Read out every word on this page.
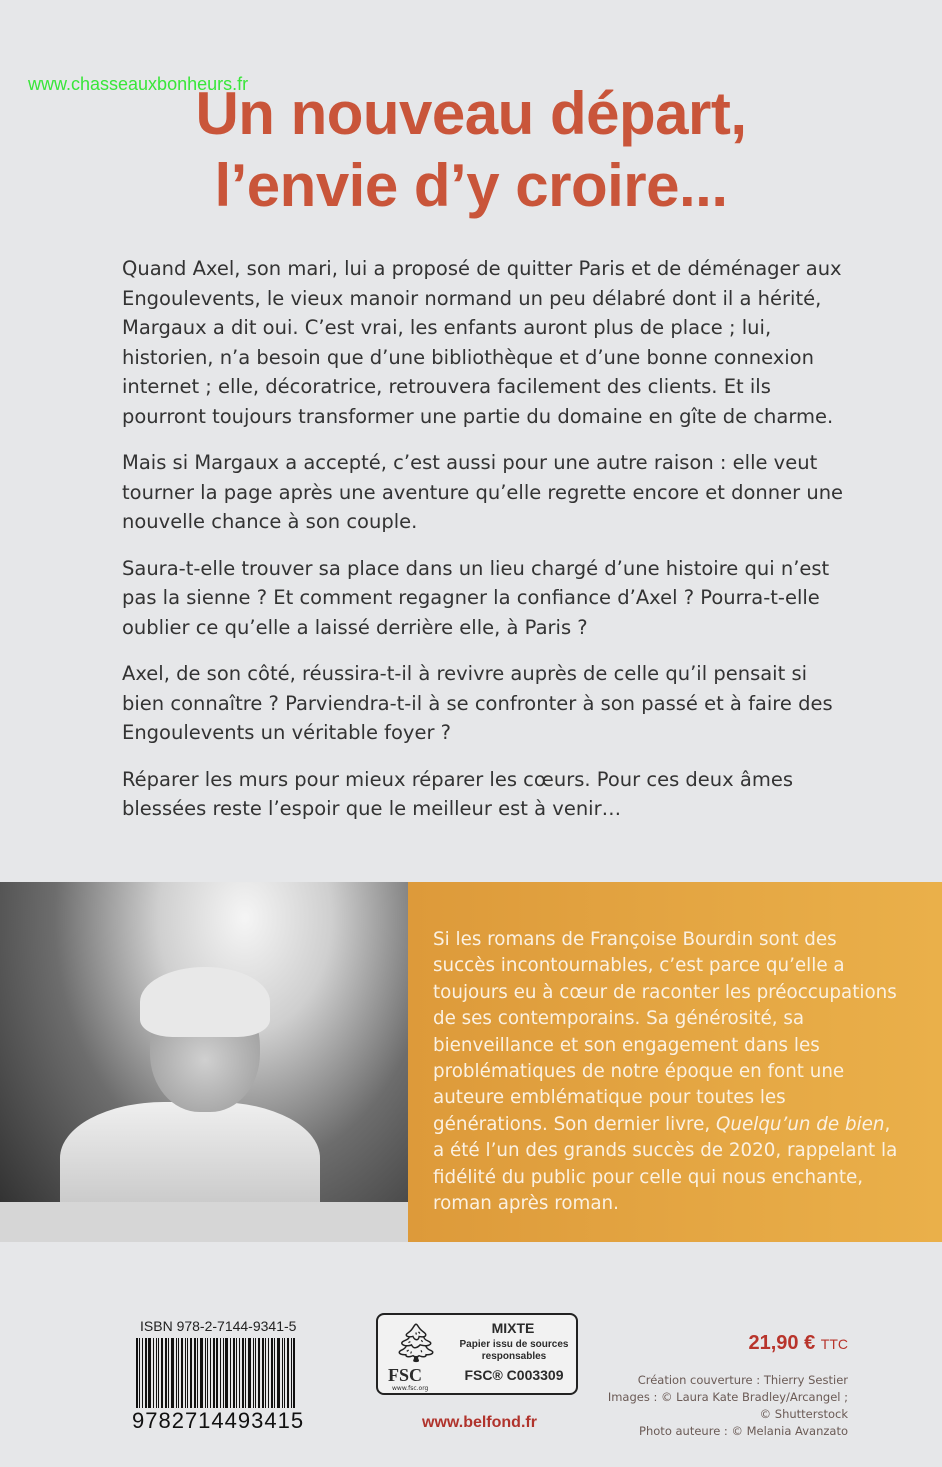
www.chasseauxbonheurs.fr
Un nouveau départ,
l’envie d’y croire...

Quand Axel, son mari, lui a proposé de quitter Paris et de déménager aux Engoulevents, le vieux manoir normand un peu délabré dont il a hérité, Margaux a dit oui. C’est vrai, les enfants auront plus de place ; lui, historien, n’a besoin que d’une bibliothèque et d’une bonne connexion internet ; elle, décoratrice, retrouvera facilement des clients. Et ils pourront toujours transformer une partie du domaine en gîte de charme.

Mais si Margaux a accepté, c’est aussi pour une autre raison : elle veut tourner la page après une aventure qu’elle regrette encore et donner une nouvelle chance à son couple.

Saura-t-elle trouver sa place dans un lieu chargé d’une histoire qui n’est pas la sienne ? Et comment regagner la confiance d’Axel ? Pourra-t-elle oublier ce qu’elle a laissé derrière elle, à Paris ?

Axel, de son côté, réussira-t-il à revivre auprès de celle qu’il pensait si bien connaître ? Parviendra-t-il à se confronter à son passé et à faire des Engoulevents un véritable foyer ?

Réparer les murs pour mieux réparer les cœurs. Pour ces deux âmes blessées reste l’espoir que le meilleur est à venir…

Si les romans de Françoise Bourdin sont des succès incontournables, c’est parce qu’elle a toujours eu à cœur de raconter les préoccupations de ses contemporains. Sa générosité, sa bienveillance et son engagement dans les problématiques de notre époque en font une auteure emblématique pour toutes les générations. Son dernier livre, Quelqu’un de bien, a été l’un des grands succès de 2020, rappelant la fidélité du public pour celle qui nous enchante, roman après roman.
ISBN 978-2-7144-9341-5
9782714493415
🌲︎
FSC
www.fsc.org
MIXTE
Papier issu de sources responsables
FSC® C003309
www.belfond.fr
21,90 € TTC
Création couverture : Thierry Sestier
Images : © Laura Kate Bradley/Arcangel ;
© Shutterstock
Photo auteure : © Melania Avanzato
